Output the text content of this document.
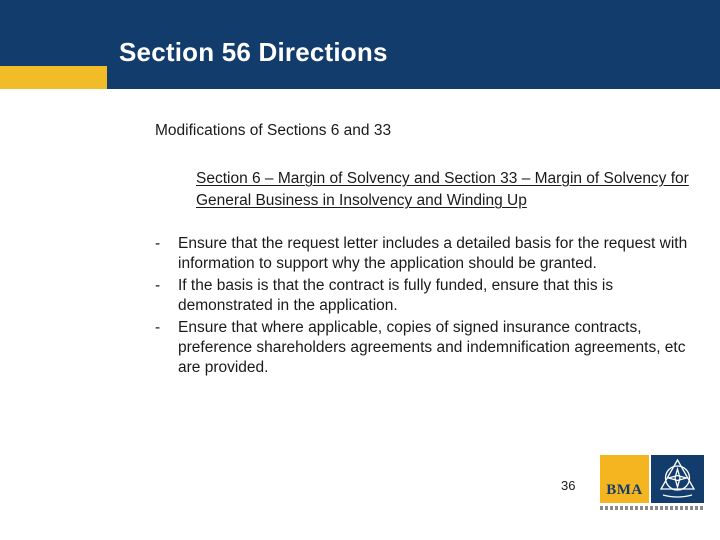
Section 56 Directions
Modifications of Sections 6 and 33
Section 6 – Margin of Solvency and Section 33 – Margin of Solvency for General Business in Insolvency and Winding Up
- Ensure that the request letter includes a detailed basis for the request with information to support why the application should be granted.
- If the basis is that the contract is fully funded, ensure that this is demonstrated in the application.
- Ensure that where applicable, copies of signed insurance contracts, preference shareholders agreements and indemnification agreements, etc are provided.
36	BMA
